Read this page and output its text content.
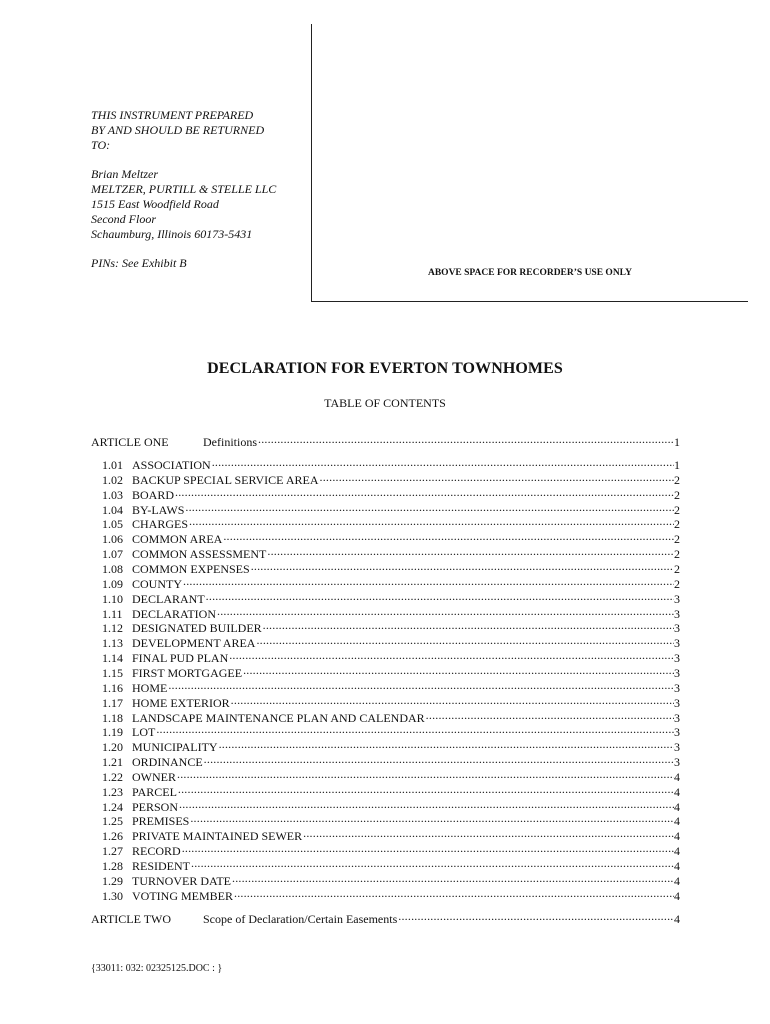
THIS INSTRUMENT PREPARED
BY AND SHOULD BE RETURNED
TO:
Brian Meltzer
MELTZER, PURTILL & STELLE LLC
1515 East Woodfield Road
Second Floor
Schaumburg, Illinois 60173-5431
PINs: See Exhibit B
ABOVE SPACE FOR RECORDER’S USE ONLY
DECLARATION FOR EVERTON TOWNHOMES
TABLE OF CONTENTS
ARTICLE ONE	Definitions .....	1
1.01 ASSOCIATION .....	1
1.02 BACKUP SPECIAL SERVICE AREA .....	2
1.03 BOARD .....	2
1.04 BY-LAWS .....	2
1.05 CHARGES .....	2
1.06 COMMON AREA .....	2
1.07 COMMON ASSESSMENT .....	2
1.08 COMMON EXPENSES .....	2
1.09 COUNTY .....	2
1.10 DECLARANT .....	3
1.11 DECLARATION .....	3
1.12 DESIGNATED BUILDER .....	3
1.13 DEVELOPMENT AREA .....	3
1.14 FINAL PUD PLAN .....	3
1.15 FIRST MORTGAGEE .....	3
1.16 HOME .....	3
1.17 HOME EXTERIOR .....	3
1.18 LANDSCAPE MAINTENANCE PLAN AND CALENDAR .....	3
1.19 LOT .....	3
1.20 MUNICIPALITY .....	3
1.21 ORDINANCE .....	3
1.22 OWNER .....	4
1.23 PARCEL .....	4
1.24 PERSON .....	4
1.25 PREMISES .....	4
1.26 PRIVATE MAINTAINED SEWER .....	4
1.27 RECORD .....	4
1.28 RESIDENT .....	4
1.29 TURNOVER DATE .....	4
1.30 VOTING MEMBER .....	4
ARTICLE TWO	Scope of Declaration/Certain Easements .....	4
{33011: 032: 02325125.DOC : }
